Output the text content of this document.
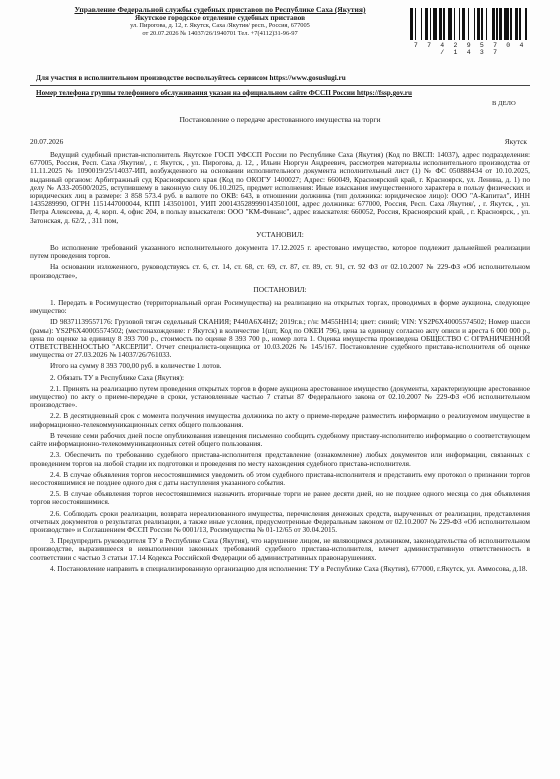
Управление Федеральной службы судебных приставов по Республике Саха (Якутия)
Якутское городское отделение судебных приставов
ул. Пирогова, д. 12, г. Якутск, Саха /Якутия/ респ., Россия, 677005
от 20.07.2026 № 14037/26/1940701 Тел. +7(4112)31-96-97
7 7 4 2 9 5 7 0 4 / 1 4 3 7
Для участия в исполнительном производстве воспользуйтесь сервисом https://www.gosuslugi.ru
Номер телефона группы телефонного обслуживания указан на официальном сайте ФССП России https://fssp.gov.ru
В ДЕЛО
Постановление о передаче арестованного имущества на торги
20.07.2026	Якутск

Ведущий судебный пристав-исполнитель Якутское ГОСП УФССП России по Республике Саха (Якутия) (Код по ВКСП: 14037), адрес подразделения: 677005, Россия, Респ. Саха /Якутия/, , г. Якутск, , ул. Пирогова, д. 12, , Ильин Нюргун Андреевич, рассмотрев материалы исполнительного производства от 11.11.2025 № 1090019/25/14037-ИП, возбужденного на основании исполнительного документа исполнительный лист (1) № ФС 050888434 от 10.10.2025, выданный органом: Арбитражный суд Красноярского края (Код по ОКОГУ 1400027; Адрес: 660049, Красноярский край, г. Красноярск, ул. Ленина, д. 1) по делу № А33-20500/2025, вступившему в законную силу 06.10.2025, предмет исполнения: Иные взыскания имущественного характера в пользу физических и юридических лиц в размере: 3 858 573.4 руб. в валюте по ОКВ: 643, в отношении должника (тип должника: юридическое лицо): ООО "А-Капитал", ИНН 1435289990, ОГРН 1151447000044, КПП 143501001, УИП 200143528999014350100I, адрес должника: 677000, Россия, Респ. Саха /Якутия/, , г. Якутск, , ул. Петра Алексеева, д. 4, корп. 4, офис 204, в пользу взыскателя: ООО "КМ-Финанс", адрес взыскателя: 660052, Россия, Красноярский край, , г. Красноярск, , ул. Затонская, д. 62/2, , 311 пом,

УСТАНОВИЛ:

Во исполнение требований указанного исполнительного документа 17.12.2025 г. арестовано имущество, которое подлежит дальнейшей реализации путем проведения торгов.

На основании изложенного, руководствуясь ст. 6, ст. 14, ст. 68, ст. 69, ст. 87, ст. 89, ст. 91, ст. 92 ФЗ от 02.10.2007 № 229-ФЗ «Об исполнительном производстве»,

ПОСТАНОВИЛ:

1. Передать в Росимущество (территориальный орган Росимущества) на реализацию на открытых торгах, проводимых в форме аукциона, следующее имущество:

ID 98371139557176: Грузовой тягач седельный СКАНИЯ; Р440А6Х4НZ; 2019г.в.; г/н: М455НН14; цвет: синий; VIN: YS2P6X40005574502; Номер шасси (рамы): YS2P6X40005574502; (местонахождение: г Якутск) в количестве 1(шт, Код по ОКЕИ 796), цена за единицу согласно акту описи и ареста 6 000 000 р., цена по оценке за единицу 8 393 700 р., стоимость по оценке 8 393 700 р., номер лота 1. Оценка имущества произведена ОБЩЕСТВО С ОГРАНИЧЕННОЙ ОТВЕТСТВЕННОСТЬЮ "АКСЕРЛИ". Отчет специалиста-оценщика от 10.03.2026 № 145/167. Постановление судебного пристава-исполнителя об оценке имущества от 27.03.2026 № 14037/26/761033.

Итого на сумму 8 393 700,00 руб. в количестве 1 лотов.

2. Обязать ТУ в Республике Саха (Якутия):

2.1. Принять на реализацию путем проведения открытых торгов в форме аукциона арестованное имущество (документы, характеризующие арестованное имущество) по акту о приеме-передаче в сроки, установленные частью 7 статьи 87 Федерального закона от 02.10.2007 № 229-ФЗ «Об исполнительном производстве».

2.2. В десятидневный срок с момента получения имущества должника по акту о приеме-передаче разместить информацию о реализуемом имуществе в информационно-телекоммуникационных сетях общего пользования.

В течение семи рабочих дней после опубликования извещения письменно сообщить судебному приставу-исполнителю информацию о соответствующем сайте информационно-телекоммуникационных сетей общего пользования.

2.3. Обеспечить по требованию судебного пристава-исполнителя представление (ознакомление) любых документов или информации, связанных с проведением торгов на любой стадии их подготовки и проведения по месту нахождения судебного пристава-исполнителя.

2.4. В случае объявления торгов несостоявшимися уведомить об этом судебного пристава-исполнителя и представить ему протокол о признании торгов несостоявшимися не позднее одного дня с даты наступления указанного события.

2.5. В случае объявления торгов несостоявшимися назначить вторичные торги не ранее десяти дней, но не позднее одного месяца со дня объявления торгов несостоявшимися.

2.6. Соблюдать сроки реализации, возврата нереализованного имущества, перечисления денежных средств, вырученных от реализации, представления отчетных документов о результатах реализации, а также иные условия, предусмотренные Федеральным законом от 02.10.2007 № 229-ФЗ «Об исполнительном производстве» и Соглашением ФССП России № 0001/13, Росимущества № 01-12/65 от 30.04.2015.

3. Предупредить руководителя ТУ в Республике Саха (Якутия), что нарушение лицом, не являющимся должником, законодательства об исполнительном производстве, выразившееся в невыполнении законных требований судебного пристава-исполнителя, влечет административную ответственность в соответствии с частью 3 статьи 17.14 Кодекса Российской Федерации об административных правонарушениях.

4. Постановление направить в специализированную организацию для исполнения: ТУ в Республике Саха (Якутия), 677000, г.Якутск, ул. Аммосова, д.18.
